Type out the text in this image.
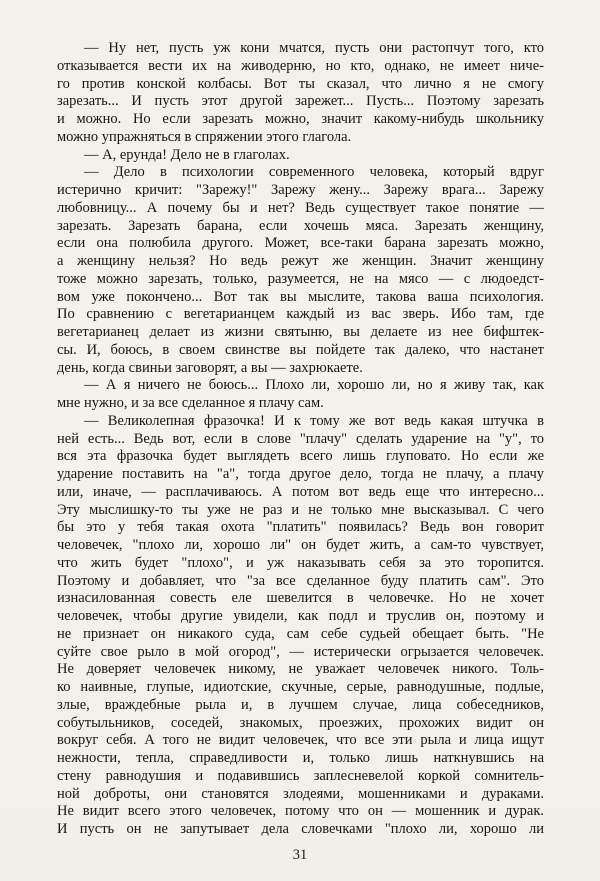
— Ну нет, пусть уж кони мчатся, пусть они растопчут того, кто
отказывается вести их на живодерню, но кто, однако, не имеет ниче-
го против конской колбасы. Вот ты сказал, что лично я не смогу
зарезать... И пусть этот другой зарежет... Пусть... Поэтому зарезать
и можно. Но если зарезать можно, значит какому-нибудь школьнику
можно упражняться в спряжении этого глагола.

— А, ерунда! Дело не в глаголах.

— Дело в психологии современного человека, который вдруг
истерично кричит: "Зарежу!" Зарежу жену... Зарежу врага... Зарежу
любовницу... А почему бы и нет? Ведь существует такое понятие —
зарезать. Зарезать барана, если хочешь мяса. Зарезать женщину,
если она полюбила другого. Может, все-таки барана зарезать можно,
а женщину нельзя? Но ведь режут же женщин. Значит женщину
тоже можно зарезать, только, разумеется, не на мясо — с людоедст-
вом уже покончено... Вот так вы мыслите, такова ваша психология.
По сравнению с вегетарианцем каждый из вас зверь. Ибо там, где
вегетарианец делает из жизни святыню, вы делаете из нее бифштек-
сы. И, боюсь, в своем свинстве вы пойдете так далеко, что настанет
день, когда свиньи заговорят, а вы — захрюкаете.

— А я ничего не боюсь... Плохо ли, хорошо ли, но я живу так, как
мне нужно, и за все сделанное я плачу сам.

— Великолепная фразочка! И к тому же вот ведь какая штучка в
ней есть... Ведь вот, если в слове "плачу" сделать ударение на "у", то
вся эта фразочка будет выглядеть всего лишь глуповато. Но если же
ударение поставить на "а", тогда другое дело, тогда не плачу, а плачу
или, иначе, — расплачиваюсь. А потом вот ведь еще что интересно...
Эту мыслишку-то ты уже не раз и не только мне высказывал. С чего
бы это у тебя такая охота "платить" появилась? Ведь вон говорит
человечек, "плохо ли, хорошо ли" он будет жить, а сам-то чувствует,
что жить будет "плохо", и уж наказывать себя за это торопится.
Поэтому и добавляет, что "за все сделанное буду платить сам". Это
изнасилованная совесть еле шевелится в человечке. Но не хочет
человечек, чтобы другие увидели, как подл и труслив он, поэтому и
не признает он никакого суда, сам себе судьей обещает быть. "Не
суйте свое рыло в мой огород", — истерически огрызается человечек.
Не доверяет человечек никому, не уважает человечек никого. Толь-
ко наивные, глупые, идиотские, скучные, серые, равнодушные, подлые,
злые, враждебные рыла и, в лучшем случае, лица собеседников,
собутыльников, соседей, знакомых, проезжих, прохожих видит он
вокруг себя. А того не видит человечек, что все эти рыла и лица ищут
нежности, тепла, справедливости и, только лишь наткнувшись на
стену равнодушия и подавившись заплесневелой коркой сомнитель-
ной доброты, они становятся злодеями, мошенниками и дураками.
Не видит всего этого человечек, потому что он — мошенник и дурак.
И пусть он не запутывает дела словечками "плохо ли, хорошо ли

31
